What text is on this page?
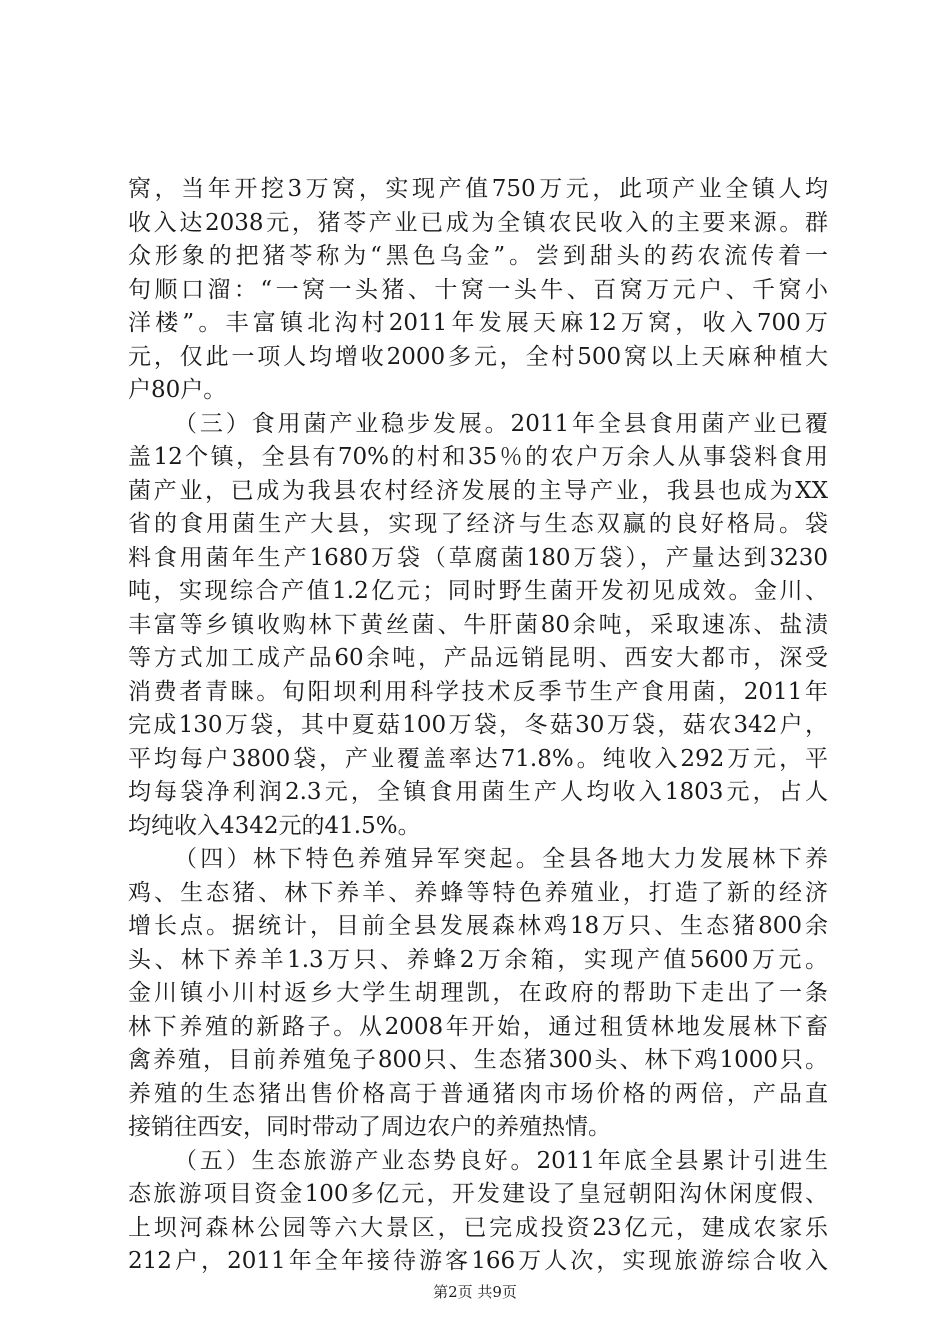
窝，当年开挖3万窝，实现产值750万元，此项产业全镇人均
收入达2038元，猪苓产业已成为全镇农民收入的主要来源。群
众形象的把猪苓称为“黑色乌金”。尝到甜头的药农流传着一
句顺口溜：“一窝一头猪、十窝一头牛、百窝万元户、千窝小
洋楼”。丰富镇北沟村2011年发展天麻12万窝，收入700万
元，仅此一项人均增收2000多元，全村500窝以上天麻种植大
户80户。
（三）食用菌产业稳步发展。2011年全县食用菌产业已覆
盖12个镇，全县有70%的村和35％的农户万余人从事袋料食用
菌产业，已成为我县农村经济发展的主导产业，我县也成为XX
省的食用菌生产大县，实现了经济与生态双赢的良好格局。袋
料食用菌年生产1680万袋（草腐菌180万袋），产量达到3230
吨，实现综合产值1.2亿元；同时野生菌开发初见成效。金川、
丰富等乡镇收购林下黄丝菌、牛肝菌80余吨，采取速冻、盐渍
等方式加工成产品60余吨，产品远销昆明、西安大都市，深受
消费者青睐。旬阳坝利用科学技术反季节生产食用菌，2011年
完成130万袋，其中夏菇100万袋，冬菇30万袋，菇农342户，
平均每户3800袋，产业覆盖率达71.8%。纯收入292万元，平
均每袋净利润2.3元，全镇食用菌生产人均收入1803元，占人
均纯收入4342元的41.5%。
（四）林下特色养殖异军突起。全县各地大力发展林下养
鸡、生态猪、林下养羊、养蜂等特色养殖业，打造了新的经济
增长点。据统计，目前全县发展森林鸡18万只、生态猪800余
头、林下养羊1.3万只、养蜂2万余箱，实现产值5600万元。
金川镇小川村返乡大学生胡理凯，在政府的帮助下走出了一条
林下养殖的新路子。从2008年开始，通过租赁林地发展林下畜
禽养殖，目前养殖兔子800只、生态猪300头、林下鸡1000只。
养殖的生态猪出售价格高于普通猪肉市场价格的两倍，产品直
接销往西安，同时带动了周边农户的养殖热情。
（五）生态旅游产业态势良好。2011年底全县累计引进生
态旅游项目资金100多亿元，开发建设了皇冠朝阳沟休闲度假、
上坝河森林公园等六大景区，已完成投资23亿元，建成农家乐
212户，2011年全年接待游客166万人次，实现旅游综合收入
第2页 共9页
